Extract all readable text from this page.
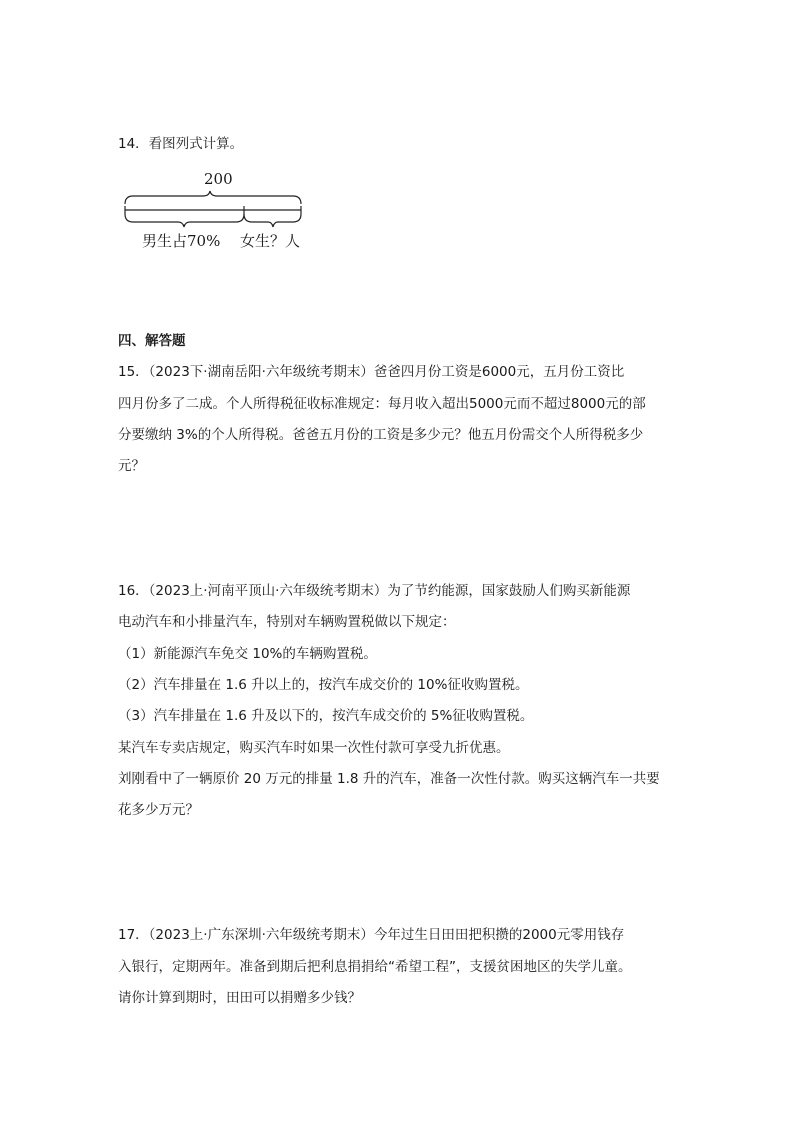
14．看图列式计算。
200
男生占70% 女生？人
四、解答题
15．（2023下·湖南岳阳·六年级统考期末）爸爸四月份工资是6000元，五月份工资比
四月份多了二成。个人所得税征收标准规定：每月收入超出5000元而不超过8000元的部
分要缴纳 3%的个人所得税。爸爸五月份的工资是多少元？他五月份需交个人所得税多少
元？
16．（2023上·河南平顶山·六年级统考期末）为了节约能源，国家鼓励人们购买新能源
电动汽车和小排量汽车，特别对车辆购置税做以下规定：
（1）新能源汽车免交 10%的车辆购置税。
（2）汽车排量在 1.6 升以上的，按汽车成交价的 10%征收购置税。
（3）汽车排量在 1.6 升及以下的，按汽车成交价的 5%征收购置税。
某汽车专卖店规定，购买汽车时如果一次性付款可享受九折优惠。
刘刚看中了一辆原价 20 万元的排量 1.8 升的汽车，准备一次性付款。购买这辆汽车一共要
花多少万元？
17．（2023上·广东深圳·六年级统考期末）今年过生日田田把积攒的2000元零用钱存
入银行，定期两年。准备到期后把利息捐捐给“希望工程”，支援贫困地区的失学儿童。
请你计算到期时，田田可以捐赠多少钱？
